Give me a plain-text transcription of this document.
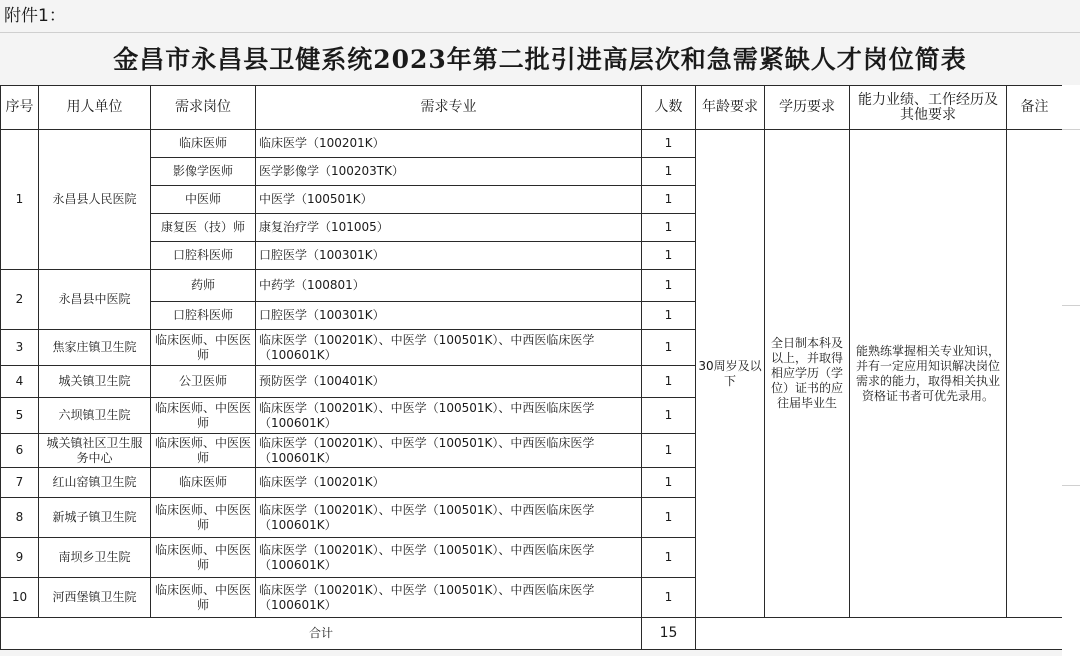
附件1：
金昌市永昌县卫健系统2023年第二批引进高层次和急需紧缺人才岗位简表
序号	用人单位	需求岗位	需求专业	人数	年龄要求	学历要求	能力业绩、工作经历及其他要求	备注
1	永昌县人民医院	临床医师	临床医学（100201K）	1	30周岁及以下	全日制本科及以上，并取得相应学历（学位）证书的应往届毕业生	能熟练掌握相关专业知识，并有一定应用知识解决岗位需求的能力，取得相关执业资格证书者可优先录用。	
		影像学医师	医学影像学（100203TK）	1				
		中医师	中医学（100501K）	1				
		康复医（技）师	康复治疗学（101005）	1				
		口腔科医师	口腔医学（100301K）	1				
2	永昌县中医院	药师	中药学（100801）	1				
		口腔科医师	口腔医学（100301K）	1				
3	焦家庄镇卫生院	临床医师、中医医师	临床医学（100201K）、中医学（100501K）、中西医临床医学（100601K）	1				
4	城关镇卫生院	公卫医师	预防医学（100401K）	1				
5	六坝镇卫生院	临床医师、中医医师	临床医学（100201K）、中医学（100501K）、中西医临床医学（100601K）	1				
6	城关镇社区卫生服务中心	临床医师、中医医师	临床医学（100201K）、中医学（100501K）、中西医临床医学（100601K）	1				
7	红山窑镇卫生院	临床医师	临床医学（100201K）	1				
8	新城子镇卫生院	临床医师、中医医师	临床医学（100201K）、中医学（100501K）、中西医临床医学（100601K）	1				
9	南坝乡卫生院	临床医师、中医医师	临床医学（100201K）、中医学（100501K）、中西医临床医学（100601K）	1				
10	河西堡镇卫生院	临床医师、中医医师	临床医学（100201K）、中医学（100501K）、中西医临床医学（100601K）	1				
合计				15				
